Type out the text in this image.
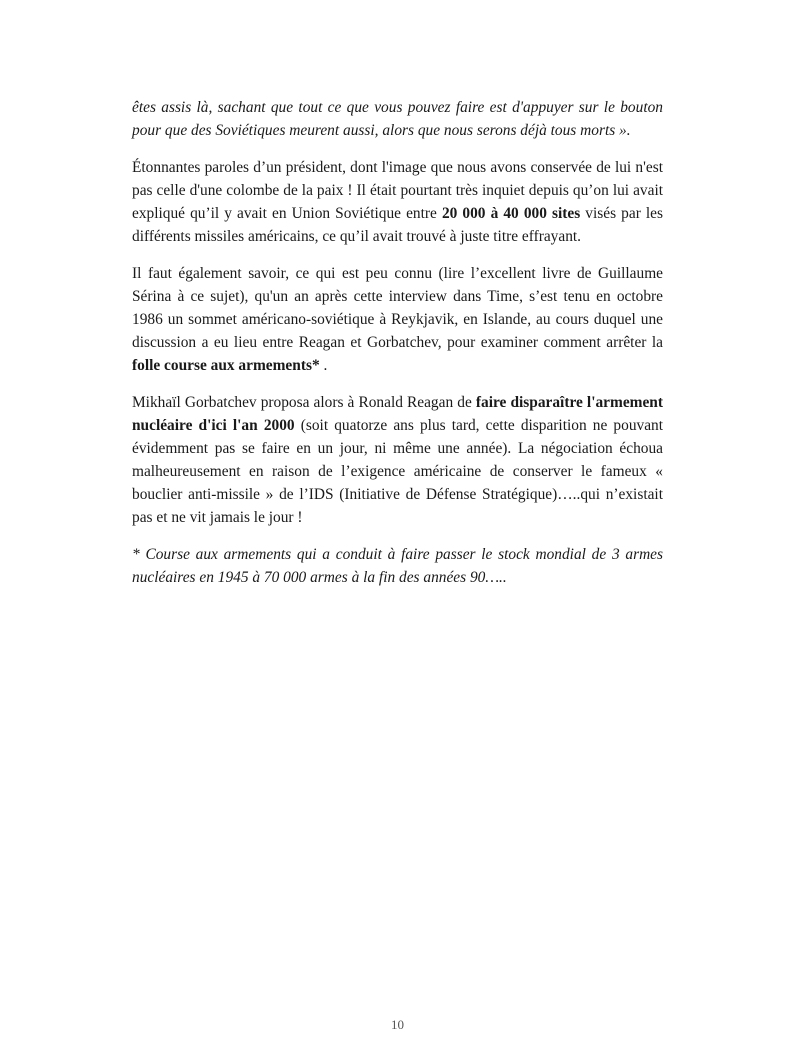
êtes assis là, sachant que tout ce que vous pouvez faire est d'appuyer sur le bouton pour que des Soviétiques meurent aussi, alors que nous serons déjà tous morts ».

Étonnantes paroles d’un président, dont l'image que nous avons conservée de lui n'est pas celle d'une colombe de la paix ! Il était pourtant très inquiet depuis qu’on lui avait expliqué qu’il y avait en Union Soviétique entre 20 000 à 40 000 sites visés par les différents missiles américains, ce qu’il avait trouvé à juste titre effrayant.

Il faut également savoir, ce qui est peu connu (lire l’excellent livre de Guillaume Sérina à ce sujet), qu'un an après cette interview dans Time, s’est tenu en octobre 1986 un sommet américano-soviétique à Reykjavik, en Islande, au cours duquel une discussion a eu lieu entre Reagan et Gorbatchev, pour examiner comment arrêter la folle course aux armements* .

Mikhaïl Gorbatchev proposa alors à Ronald Reagan de faire disparaître l'armement nucléaire d'ici l'an 2000 (soit quatorze ans plus tard, cette disparition ne pouvant évidemment pas se faire en un jour, ni même une année). La négociation échoua malheureusement en raison de l’exigence américaine de conserver le fameux « bouclier anti-missile » de l’IDS (Initiative de Défense Stratégique)…..qui n’existait pas et ne vit jamais le jour !

* Course aux armements qui a conduit à faire passer le stock mondial de 3 armes nucléaires en 1945 à 70 000 armes à la fin des années 90…..

10
